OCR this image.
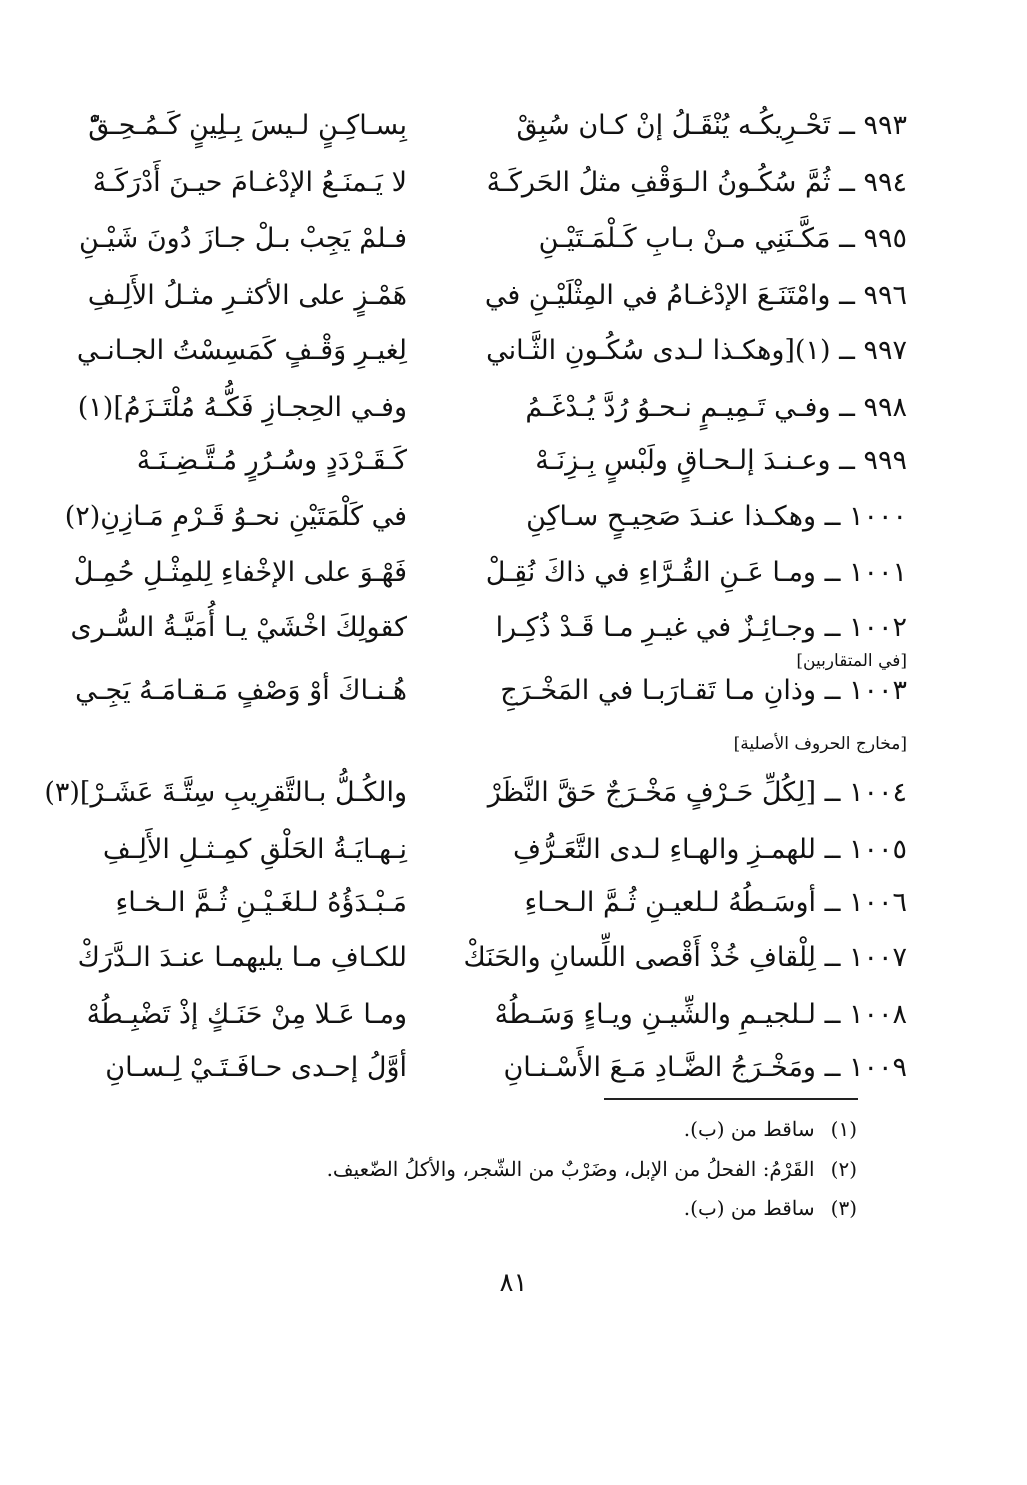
٩٩٣ ــ تَحْـرِيكُـه يُنْقَـلُ إنْ كـان سُبِقْ
بِسـاكِـنٍ لـيسَ بِـلِينٍ كَـمُـحِـقّْ
٩٩٤ ــ ثُمَّ سُكُـونُ الـوَقْفِ مثلُ الحَركَـهْ
لا يَـمنَـعُ الإدْغـامَ حيـنَ أَدْرَكَـهْ
٩٩٥ ــ مَكَّـنَنِي مـنْ بـابِ كَـلْمَـتَيْـنِ
فـلمْ يَجِبْ بـلْ جـازَ دُونَ شَيْـنِ
٩٩٦ ــ وامْتَنَـعَ الإدْغـامُ في المِثْلَيْـنِ في
هَمْـزٍ على الأكثـرِ مثـلُ الأَلِـفِ
٩٩٧ ــ (١)[وهكـذا لـدى سُكُـونِ الثَّـاني
لِغيـرِ وَقْـفٍ كَمَسِسْتُ الجـانـي
٩٩٨ ــ وفـي تَـمِيـمٍ نـحـوُ رُدَّ يُـدْغَـمُ
وفـي الحِجـازِ فَكُّـهُ مُلْتَـزَمُ](١)
٩٩٩ ــ وعـنـدَ إلـحـاقٍ ولَبْسٍ بِـزِنَـهْ
كَـقَـرْدَدٍ وسُـرُرٍ مُـتَّـضِـنَـهْ
١٠٠٠ ــ وهكـذا عنـدَ صَحِيـحٍ سـاكِنِ
في كَلْمَتَيْنِ نحـوُ قَـرْمِ مَـازِنِ(٢)
١٠٠١ ــ ومـا عَـنِ القُـرَّاءِ في ذاكَ نُقِـلْ
فَهْـوَ على الإخْفاءِ لِلمِثْـلِ حُمِـلْ
١٠٠٢ ــ وجـائِـزٌ في غيـرِ مـا قَـدْ ذُكِـرا
كقولِكَ اخْشَيْ يـا أُمَيَّـةُ السُّـرى
١٠٠٣ ــ وذانِ مـا تَقـارَبـا في المَخْـرَجِ
هُـنـاكَ أوْ وَصْفٍ مَـقـامَـهُ يَجِـي
١٠٠٤ ــ [لِكُلِّ حَـرْفٍ مَخْـرَجٌ حَقَّ النَّظَرْ
والكُـلُّ بـالتَّقرِيبِ سِتَّـةَ عَشَـرْ](٣)
١٠٠٥ ــ للهمـزِ والهـاءِ لـدى التَّعَـرُّفِ
نِـهـايَـةُ الحَلْقِ كمِـثـلِ الأَلِـفِ
١٠٠٦ ــ أوسَـطُهُ لـلعيـنِ ثُـمَّ الـحـاءِ
مَـبْـدَؤُهُ لـلغَـيْـنِ ثُـمَّ الـخـاءِ
١٠٠٧ ــ لِلْقافِ خُذْ أَقْصى اللِّسانِ والحَنَكْ
للكـافِ مـا يليهمـا عنـدَ الـدَّرَكْ
١٠٠٨ ــ لـلجيـمِ والشِّيـنِ ويـاءٍ وَسَـطُهْ
ومـا عَـلا مِنْ حَنَـكٍ إذْ تَضْبِـطُهْ
١٠٠٩ ــ ومَخْـرَجُ الضَّـادِ مَـعَ الأَسْـنـانِ
أوَّلُ إحـدى حـافَـتَـيْ لِـسـانِ
[في المتقاربين]
[مخارج الحروف الأصلية]
(١)ساقط من (ب).
(٢)القَرْمُ: الفحلُ من الإبل، وضَرْبٌ من الشّجر، والأكلُ الضّعيف.
(٣)ساقط من (ب).
٨١
